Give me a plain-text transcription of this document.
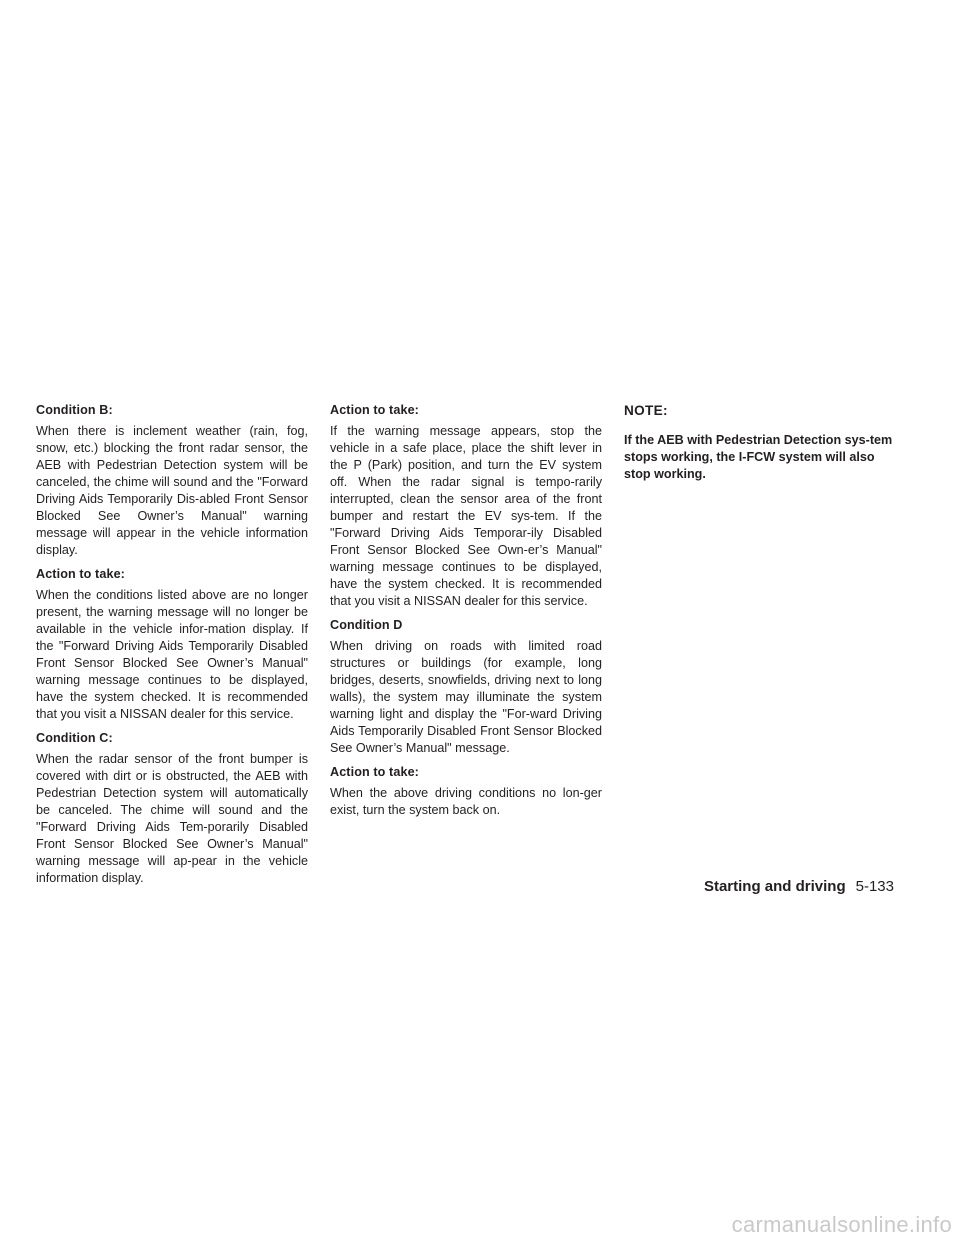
Condition B:

When there is inclement weather (rain, fog, snow, etc.) blocking the front radar sensor, the AEB with Pedestrian Detection system will be canceled, the chime will sound and the "Forward Driving Aids Temporarily Dis-abled Front Sensor Blocked See Owner’s Manual" warning message will appear in the vehicle information display.

Action to take:

When the conditions listed above are no longer present, the warning message will no longer be available in the vehicle infor-mation display. If the "Forward Driving Aids Temporarily Disabled Front Sensor Blocked See Owner’s Manual" warning message continues to be displayed, have the system checked. It is recommended that you visit a NISSAN dealer for this service.

Condition C:

When the radar sensor of the front bumper is covered with dirt or is obstructed, the AEB with Pedestrian Detection system will automatically be canceled. The chime will sound and the "Forward Driving Aids Tem-porarily Disabled Front Sensor Blocked See Owner’s Manual" warning message will ap-pear in the vehicle information display.

Action to take:

If the warning message appears, stop the vehicle in a safe place, place the shift lever in the P (Park) position, and turn the EV system off. When the radar signal is tempo-rarily interrupted, clean the sensor area of the front bumper and restart the EV sys-tem. If the "Forward Driving Aids Temporar-ily Disabled Front Sensor Blocked See Own-er’s Manual" warning message continues to be displayed, have the system checked. It is recommended that you visit a NISSAN dealer for this service.

Condition D

When driving on roads with limited road structures or buildings (for example, long bridges, deserts, snowfields, driving next to long walls), the system may illuminate the system warning light and display the "For-ward Driving Aids Temporarily Disabled Front Sensor Blocked See Owner’s Manual" message.

Action to take:

When the above driving conditions no lon-ger exist, turn the system back on.

NOTE:

If the AEB with Pedestrian Detection sys-tem stops working, the I-FCW system will also stop working.

Starting and driving 5-133
carmanualsonline.info
